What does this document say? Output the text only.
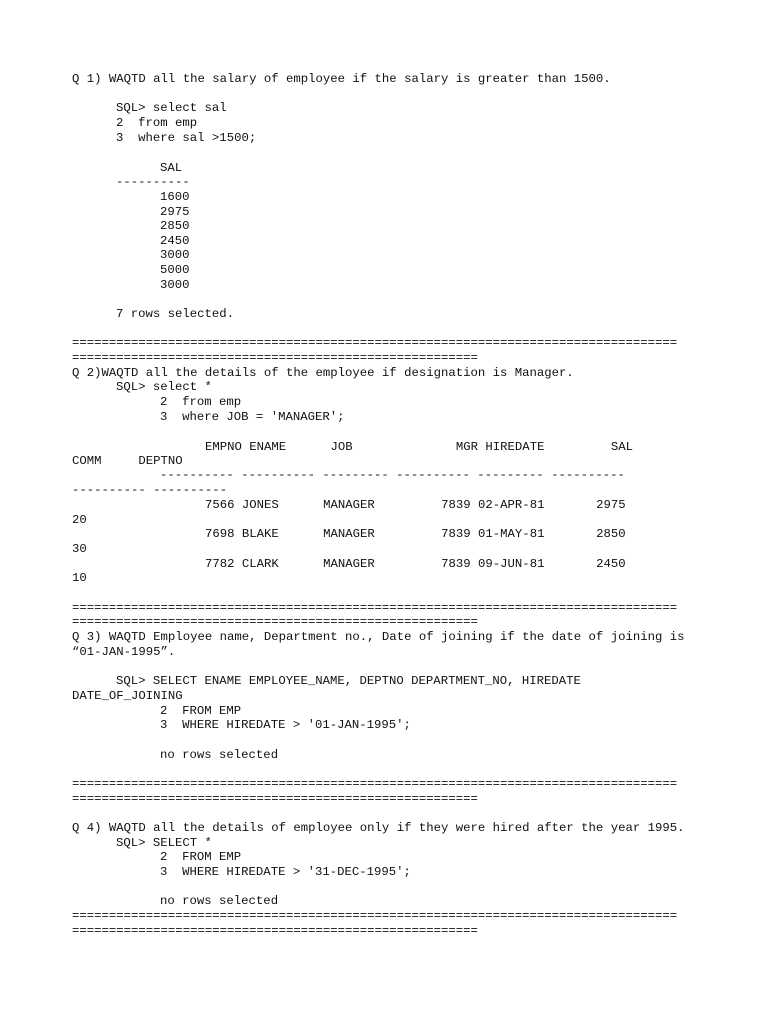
Q 1) WAQTD all the salary of employee if the salary is greater than 1500.

SQL> select sal

2  from emp

3  where sal >1500;

SAL

----------

1600

2975

2850

2450

3000

5000

3000

7 rows selected.

==================================================================================

=======================================================

Q 2)WAQTD all the details of the employee if designation is Manager.

SQL> select *

2  from emp

3  where JOB = 'MANAGER';

EMPNO ENAME      JOB              MGR HIREDATE         SAL

COMM     DEPTNO

---------- ---------- --------- ---------- --------- ----------

---------- ----------

7566 JONES      MANAGER         7839 02-APR-81       2975

20

7698 BLAKE      MANAGER         7839 01-MAY-81       2850

30

7782 CLARK      MANAGER         7839 09-JUN-81       2450

10

==================================================================================

=======================================================

Q 3) WAQTD Employee name, Department no., Date of joining if the date of joining is

“01-JAN-1995”.

SQL> SELECT ENAME EMPLOYEE_NAME, DEPTNO DEPARTMENT_NO, HIREDATE

DATE_OF_JOINING

2  FROM EMP

3  WHERE HIREDATE > '01-JAN-1995';

no rows selected

==================================================================================

=======================================================

Q 4) WAQTD all the details of employee only if they were hired after the year 1995.

SQL> SELECT *

2  FROM EMP

3  WHERE HIREDATE > '31-DEC-1995';

no rows selected

==================================================================================

=======================================================
